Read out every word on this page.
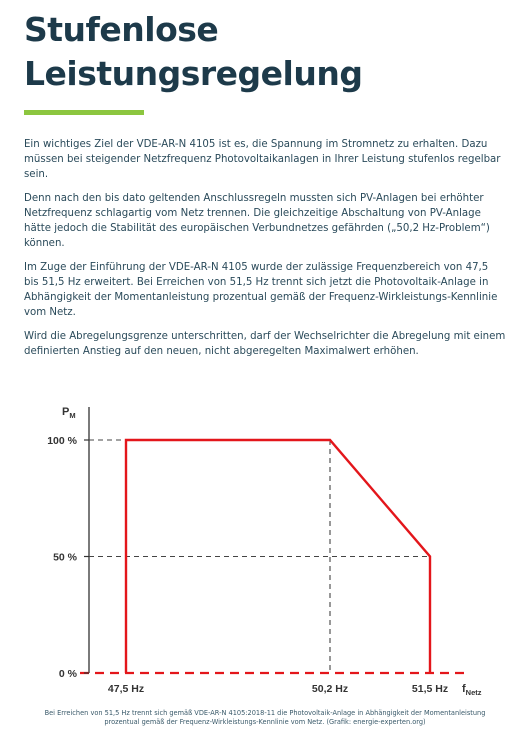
Stufenlose
Leistungsregelung

Ein wichtiges Ziel der VDE-AR-N 4105 ist es, die Spannung im Stromnetz zu erhalten. Dazu müssen bei steigender Netzfrequenz Photovoltaikanlagen in Ihrer Leistung stufenlos regelbar sein.

Denn nach den bis dato geltenden Anschlussregeln mussten sich PV-Anlagen bei erhöhter Netzfrequenz schlagartig vom Netz trennen. Die gleichzeitige Abschaltung von PV-Anlage hätte jedoch die Stabilität des europäischen Verbundnetzes gefährden („50,2 Hz-Problem“) können.

Im Zuge der Einführung der VDE-AR-N 4105 wurde der zulässige Frequenzbereich von 47,5 bis 51,5 Hz erweitert. Bei Erreichen von 51,5 Hz trennt sich jetzt die Photovoltaik-Anlage in Abhängigkeit der Momentanleistung prozentual gemäß der Frequenz-Wirkleistungs-Kennlinie vom Netz.

Wird die Abregelungsgrenze unterschritten, darf der Wechselrichter die Abregelung mit einem definierten Anstieg auf den neuen, nicht abgeregelten Maximalwert erhöhen.

0 %
50 %
100 %
47,5 Hz	50,2 Hz	51,5 Hz
$P_M$
$f_{Netz}$
Bei Erreichen von 51,5 Hz trennt sich gemäß VDE-AR-N 4105:2018-11 die Photovoltaik-Anlage in Abhängigkeit der Momentanleistung
prozentual gemäß der Frequenz-Wirkleistungs-Kennlinie vom Netz. (Grafik: energie-experten.org)
